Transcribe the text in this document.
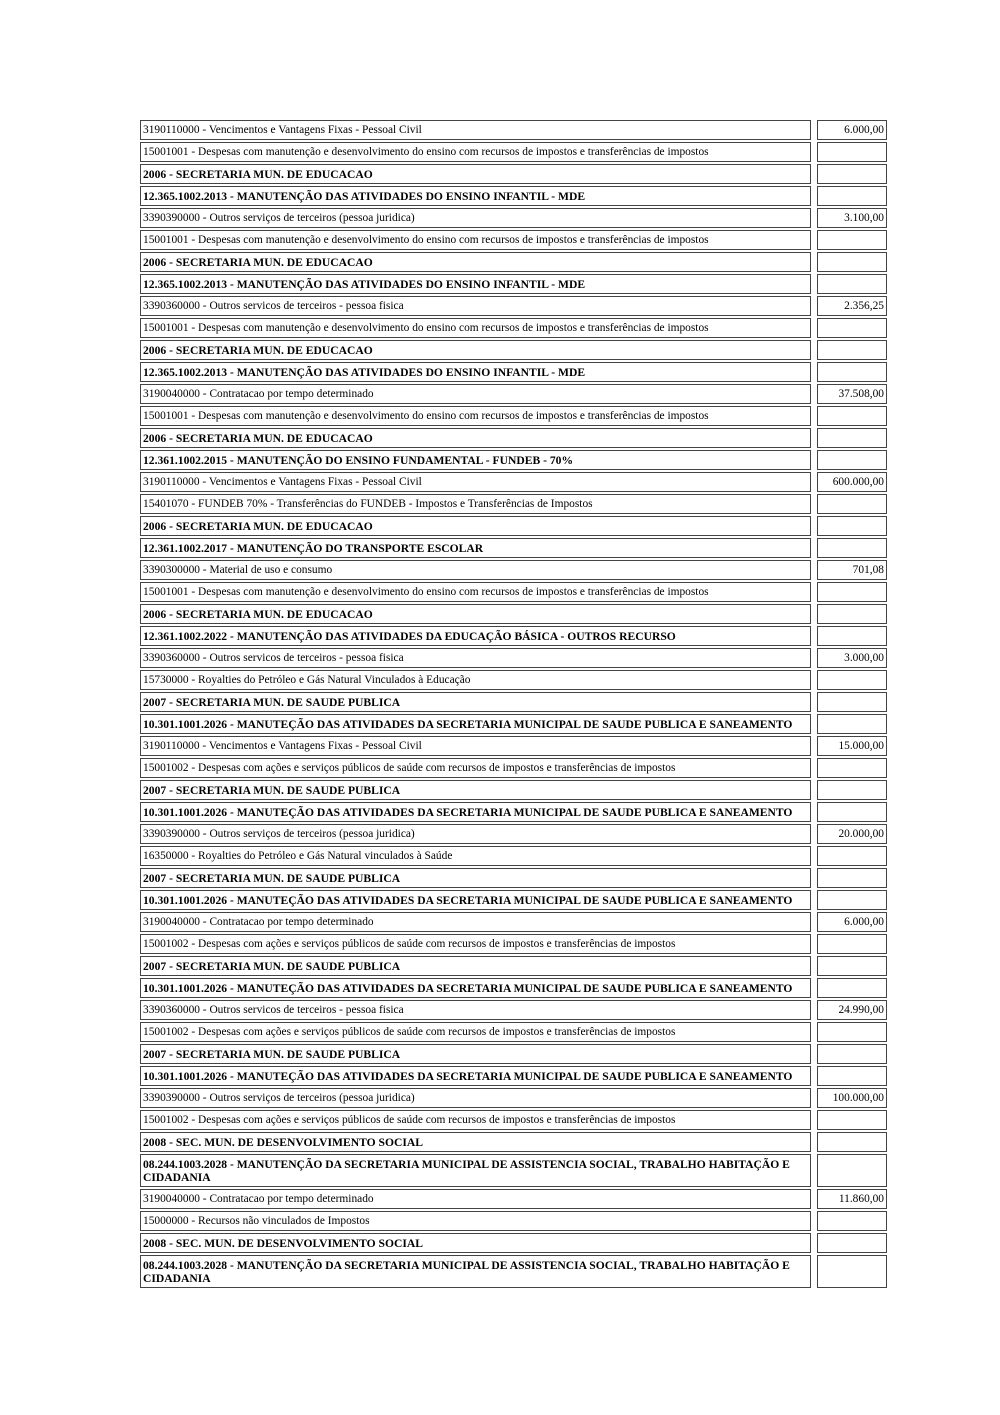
3190110000 - Vencimentos e Vantagens Fixas - Pessoal Civil	6.000,00
15001001 - Despesas com manutenção e desenvolvimento do ensino com recursos de impostos e transferências de impostos
2006 - SECRETARIA MUN. DE EDUCACAO
12.365.1002.2013 - MANUTENÇÃO DAS ATIVIDADES DO ENSINO INFANTIL - MDE
3390390000 - Outros serviços de terceiros (pessoa juridica)	3.100,00
15001001 - Despesas com manutenção e desenvolvimento do ensino com recursos de impostos e transferências de impostos
2006 - SECRETARIA MUN. DE EDUCACAO
12.365.1002.2013 - MANUTENÇÃO DAS ATIVIDADES DO ENSINO INFANTIL - MDE
3390360000 - Outros servicos de terceiros - pessoa fisica	2.356,25
15001001 - Despesas com manutenção e desenvolvimento do ensino com recursos de impostos e transferências de impostos
2006 - SECRETARIA MUN. DE EDUCACAO
12.365.1002.2013 - MANUTENÇÃO DAS ATIVIDADES DO ENSINO INFANTIL - MDE
3190040000 - Contratacao por tempo determinado	37.508,00
15001001 - Despesas com manutenção e desenvolvimento do ensino com recursos de impostos e transferências de impostos
2006 - SECRETARIA MUN. DE EDUCACAO
12.361.1002.2015 - MANUTENÇÃO DO ENSINO FUNDAMENTAL - FUNDEB - 70%
3190110000 - Vencimentos e Vantagens Fixas - Pessoal Civil	600.000,00
15401070 - FUNDEB 70% - Transferências do FUNDEB - Impostos e Transferências de Impostos
2006 - SECRETARIA MUN. DE EDUCACAO
12.361.1002.2017 - MANUTENÇÃO DO TRANSPORTE ESCOLAR
3390300000 - Material de uso e consumo	701,08
15001001 - Despesas com manutenção e desenvolvimento do ensino com recursos de impostos e transferências de impostos
2006 - SECRETARIA MUN. DE EDUCACAO
12.361.1002.2022 - MANUTENÇÃO DAS ATIVIDADES DA EDUCAÇÃO BÁSICA - OUTROS RECURSO
3390360000 - Outros servicos de terceiros - pessoa fisica	3.000,00
15730000 - Royalties do Petróleo e Gás Natural Vinculados à Educação
2007 - SECRETARIA MUN. DE SAUDE PUBLICA
10.301.1001.2026 - MANUTEÇÃO DAS ATIVIDADES DA SECRETARIA MUNICIPAL DE SAUDE PUBLICA E SANEAMENTO
3190110000 - Vencimentos e Vantagens Fixas - Pessoal Civil	15.000,00
15001002 - Despesas com ações e serviços públicos de saúde com recursos de impostos e transferências de impostos
2007 - SECRETARIA MUN. DE SAUDE PUBLICA
10.301.1001.2026 - MANUTEÇÃO DAS ATIVIDADES DA SECRETARIA MUNICIPAL DE SAUDE PUBLICA E SANEAMENTO
3390390000 - Outros serviços de terceiros (pessoa juridica)	20.000,00
16350000 - Royalties do Petróleo e Gás Natural vinculados à Saúde
2007 - SECRETARIA MUN. DE SAUDE PUBLICA
10.301.1001.2026 - MANUTEÇÃO DAS ATIVIDADES DA SECRETARIA MUNICIPAL DE SAUDE PUBLICA E SANEAMENTO
3190040000 - Contratacao por tempo determinado	6.000,00
15001002 - Despesas com ações e serviços públicos de saúde com recursos de impostos e transferências de impostos
2007 - SECRETARIA MUN. DE SAUDE PUBLICA
10.301.1001.2026 - MANUTEÇÃO DAS ATIVIDADES DA SECRETARIA MUNICIPAL DE SAUDE PUBLICA E SANEAMENTO
3390360000 - Outros servicos de terceiros - pessoa fisica	24.990,00
15001002 - Despesas com ações e serviços públicos de saúde com recursos de impostos e transferências de impostos
2007 - SECRETARIA MUN. DE SAUDE PUBLICA
10.301.1001.2026 - MANUTEÇÃO DAS ATIVIDADES DA SECRETARIA MUNICIPAL DE SAUDE PUBLICA E SANEAMENTO
3390390000 - Outros serviços de terceiros (pessoa juridica)	100.000,00
15001002 - Despesas com ações e serviços públicos de saúde com recursos de impostos e transferências de impostos
2008 - SEC. MUN. DE DESENVOLVIMENTO SOCIAL
08.244.1003.2028 - MANUTENÇÃO DA SECRETARIA MUNICIPAL DE ASSISTENCIA SOCIAL, TRABALHO HABITAÇÃO E CIDADANIA
3190040000 - Contratacao por tempo determinado	11.860,00
15000000 - Recursos não vinculados de Impostos
2008 - SEC. MUN. DE DESENVOLVIMENTO SOCIAL
08.244.1003.2028 - MANUTENÇÃO DA SECRETARIA MUNICIPAL DE ASSISTENCIA SOCIAL, TRABALHO HABITAÇÃO E CIDADANIA
